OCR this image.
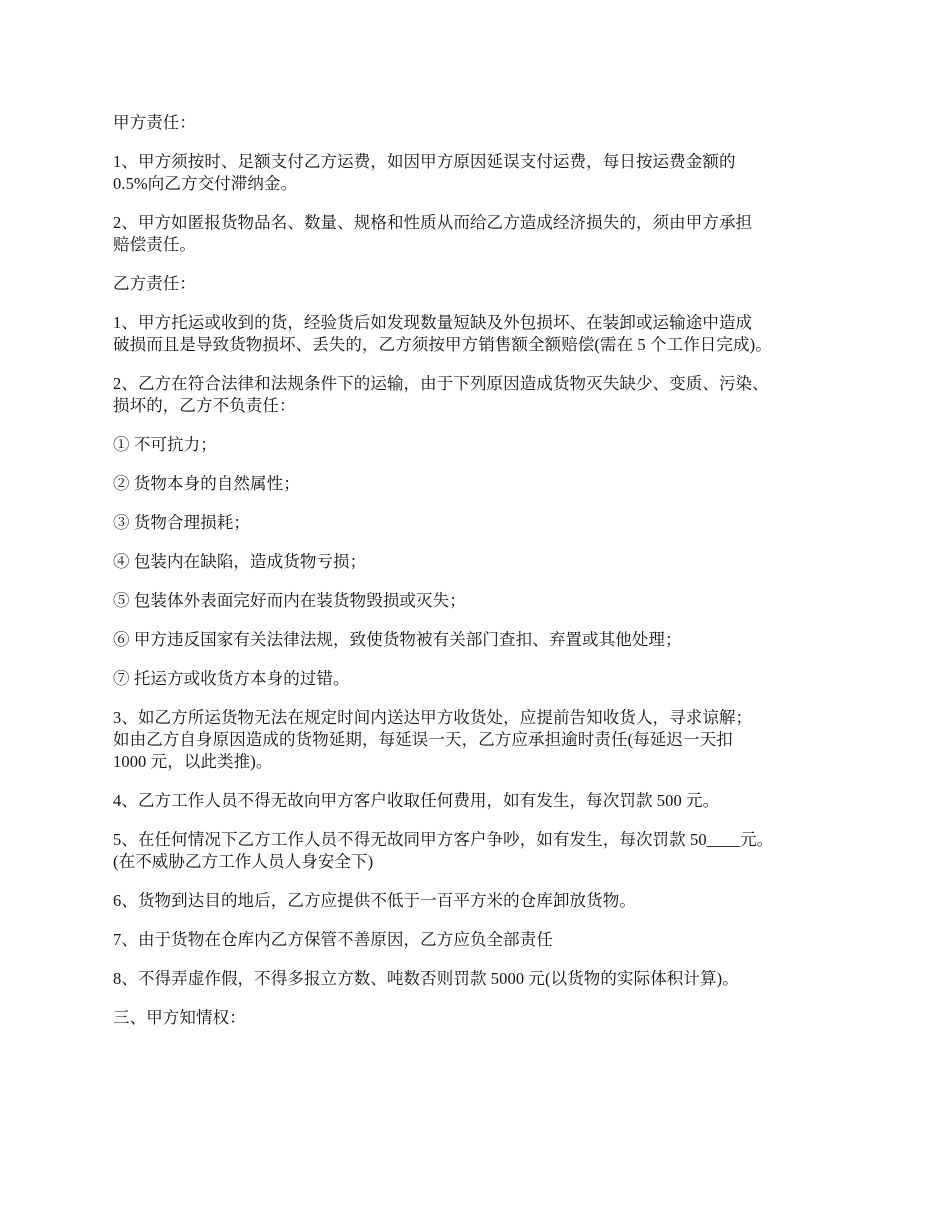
甲方责任：

1、甲方须按时、足额支付乙方运费，如因甲方原因延误支付运费，每日按运费金额的
0.5%向乙方交付滞纳金。

2、甲方如匿报货物品名、数量、规格和性质从而给乙方造成经济损失的，须由甲方承担
赔偿责任。

乙方责任：

1、甲方托运或收到的货，经验货后如发现数量短缺及外包损坏、在装卸或运输途中造成
破损而且是导致货物损坏、丢失的，乙方须按甲方销售额全额赔偿(需在 5 个工作日完成)。

2、乙方在符合法律和法规条件下的运输，由于下列原因造成货物灭失缺少、变质、污染、
损坏的，乙方不负责任：

① 不可抗力；

② 货物本身的自然属性；

③ 货物合理损耗；

④ 包装内在缺陷，造成货物亏损；

⑤ 包装体外表面完好而内在装货物毁损或灭失；

⑥ 甲方违反国家有关法律法规，致使货物被有关部门查扣、弃置或其他处理；

⑦ 托运方或收货方本身的过错。

3、如乙方所运货物无法在规定时间内送达甲方收货处，应提前告知收货人，寻求谅解；
如由乙方自身原因造成的货物延期，每延误一天，乙方应承担逾时责任(每延迟一天扣
1000 元，以此类推)。

4、乙方工作人员不得无故向甲方客户收取任何费用，如有发生，每次罚款 500 元。

5、在任何情况下乙方工作人员不得无故同甲方客户争吵，如有发生，每次罚款 50____元。
(在不威胁乙方工作人员人身安全下)

6、货物到达目的地后，乙方应提供不低于一百平方米的仓库卸放货物。

7、由于货物在仓库内乙方保管不善原因，乙方应负全部责任

8、不得弄虚作假，不得多报立方数、吨数否则罚款 5000 元(以货物的实际体积计算)。

三、甲方知情权：
